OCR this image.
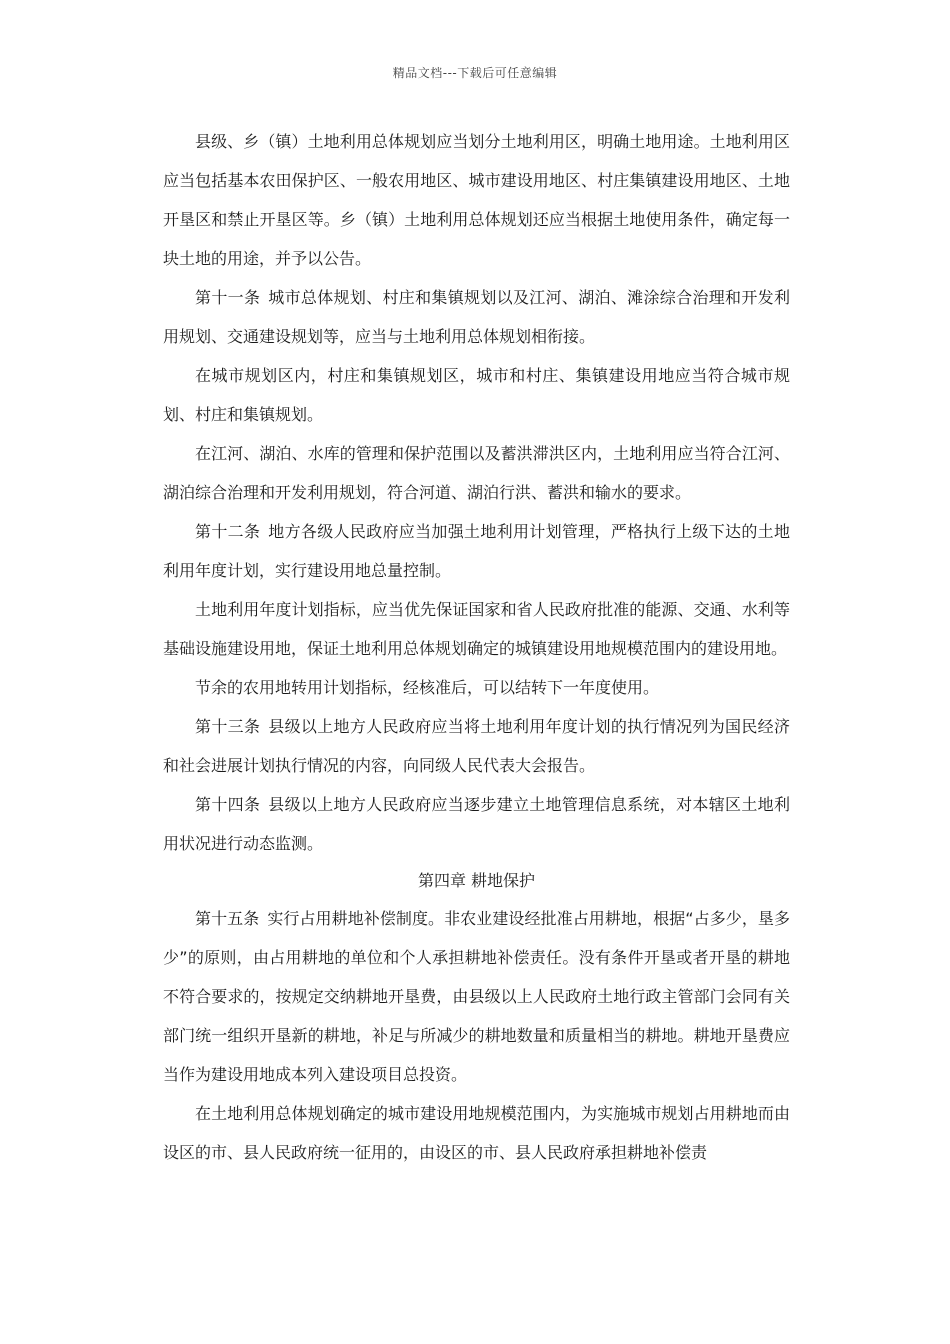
精品文档---下载后可任意编辑

县级、乡（镇）土地利用总体规划应当划分土地利用区，明确土地用途。土地利用区应当包括基本农田保护区、一般农用地区、城市建设用地区、村庄集镇建设用地区、土地开垦区和禁止开垦区等。乡（镇）土地利用总体规划还应当根据土地使用条件，确定每一块土地的用途，并予以公告。

第十一条 城市总体规划、村庄和集镇规划以及江河、湖泊、滩涂综合治理和开发利用规划、交通建设规划等，应当与土地利用总体规划相衔接。

在城市规划区内，村庄和集镇规划区，城市和村庄、集镇建设用地应当符合城市规划、村庄和集镇规划。

在江河、湖泊、水库的管理和保护范围以及蓄洪滞洪区内，土地利用应当符合江河、湖泊综合治理和开发利用规划，符合河道、湖泊行洪、蓄洪和输水的要求。

第十二条 地方各级人民政府应当加强土地利用计划管理，严格执行上级下达的土地利用年度计划，实行建设用地总量控制。

土地利用年度计划指标，应当优先保证国家和省人民政府批准的能源、交通、水利等基础设施建设用地，保证土地利用总体规划确定的城镇建设用地规模范围内的建设用地。

节余的农用地转用计划指标，经核准后，可以结转下一年度使用。

第十三条 县级以上地方人民政府应当将土地利用年度计划的执行情况列为国民经济和社会进展计划执行情况的内容，向同级人民代表大会报告。

第十四条 县级以上地方人民政府应当逐步建立土地管理信息系统，对本辖区土地利用状况进行动态监测。

第四章 耕地保护

第十五条 实行占用耕地补偿制度。非农业建设经批准占用耕地，根据“占多少，垦多少”的原则，由占用耕地的单位和个人承担耕地补偿责任。没有条件开垦或者开垦的耕地不符合要求的，按规定交纳耕地开垦费，由县级以上人民政府土地行政主管部门会同有关部门统一组织开垦新的耕地，补足与所减少的耕地数量和质量相当的耕地。耕地开垦费应当作为建设用地成本列入建设项目总投资。

在土地利用总体规划确定的城市建设用地规模范围内，为实施城市规划占用耕地而由设区的市、县人民政府统一征用的，由设区的市、县人民政府承担耕地补偿责
